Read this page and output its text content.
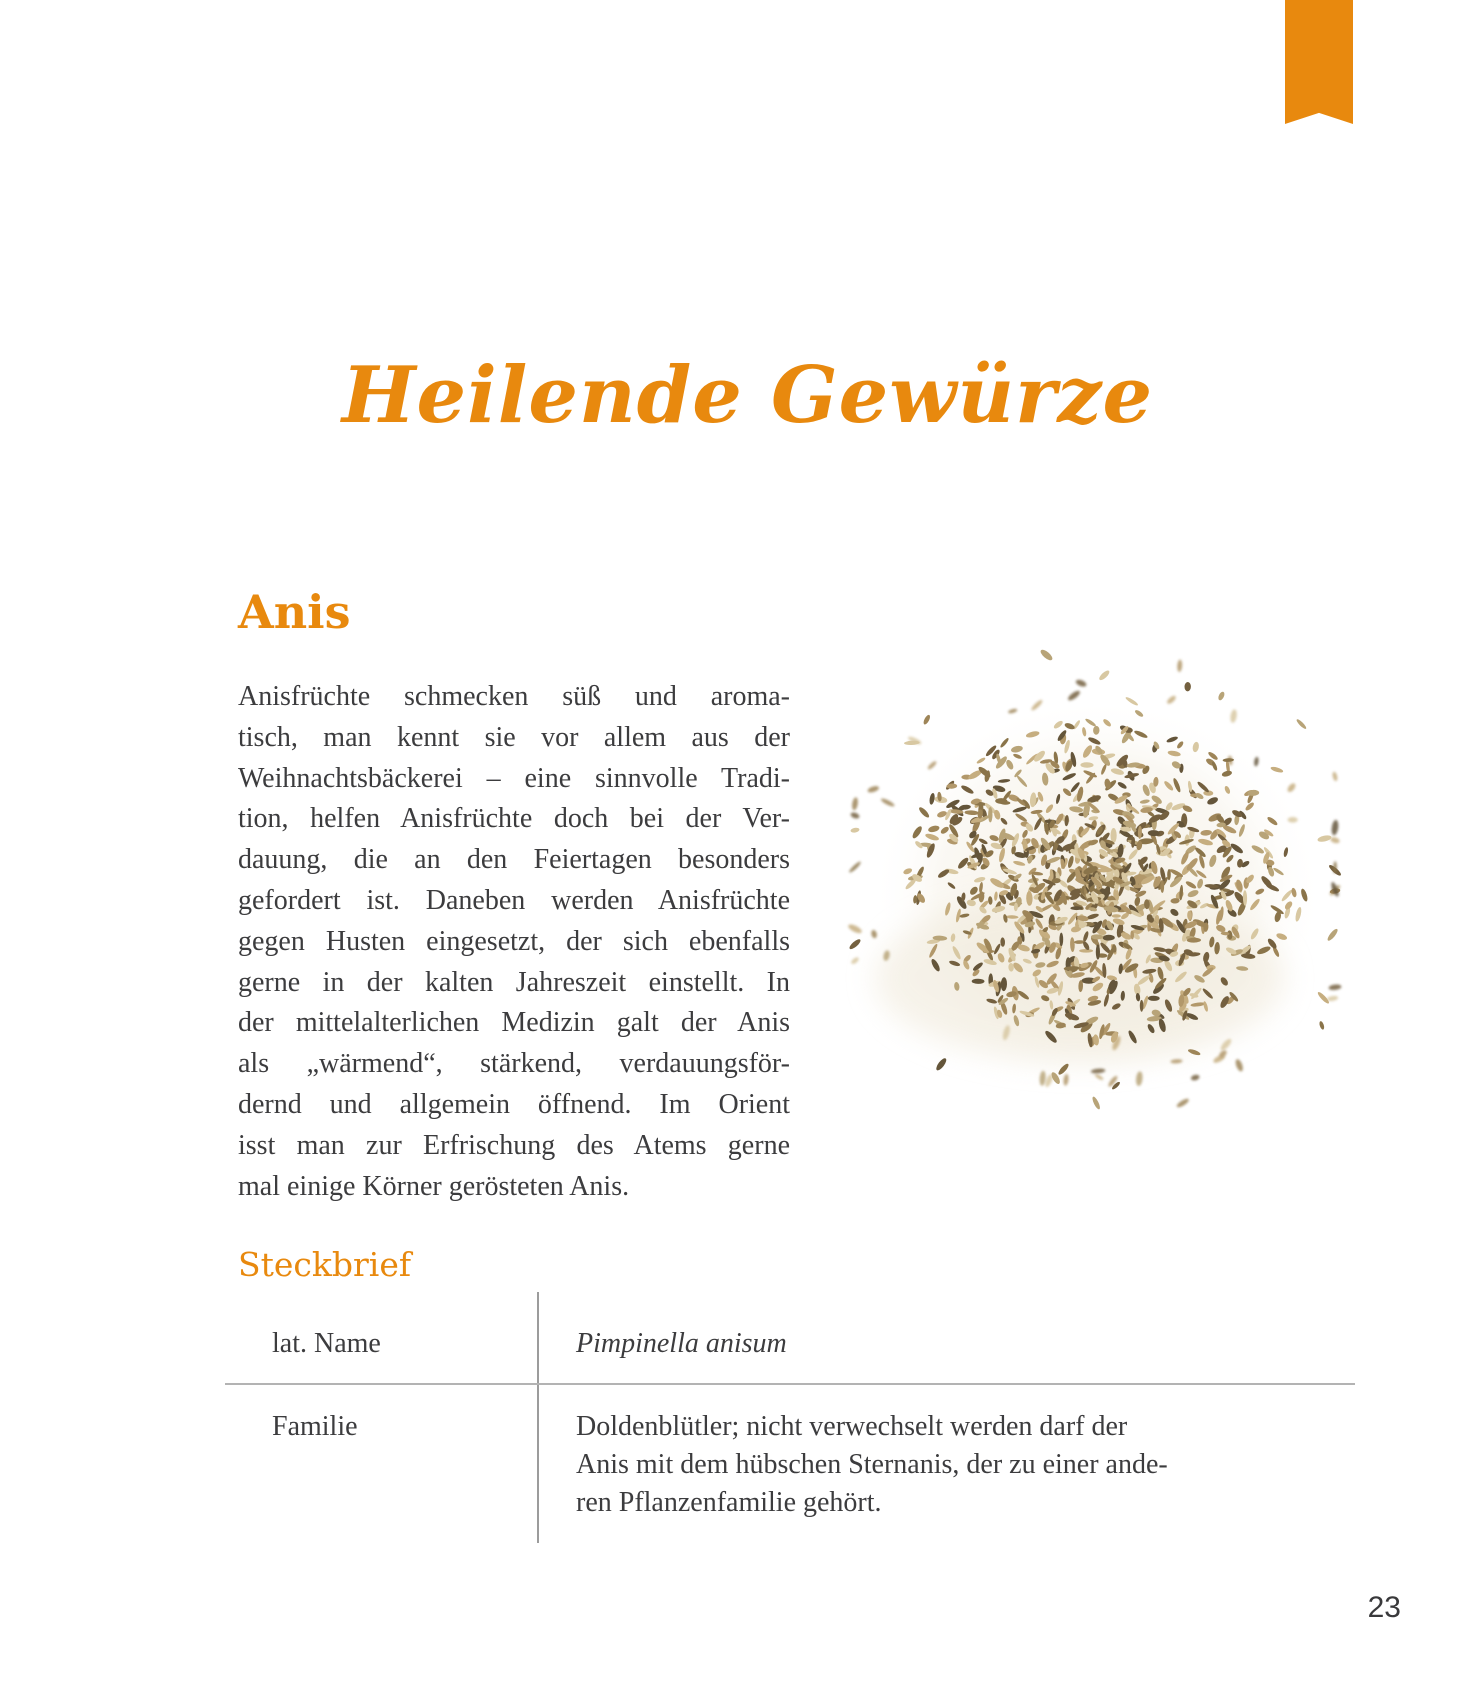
Heilende Gewürze
Anis
Anisfrüchte schmecken süß und aroma-
tisch, man kennt sie vor allem aus der
Weihnachtsbäckerei – eine sinnvolle Tradi-
tion, helfen Anisfrüchte doch bei der Ver-
dauung, die an den Feiertagen besonders
gefordert ist. Daneben werden Anisfrüchte
gegen Husten eingesetzt, der sich ebenfalls
gerne in der kalten Jahreszeit einstellt. In
der mittelalterlichen Medizin galt der Anis
als „wärmend“, stärkend, verdauungsför-
dernd und allgemein öffnend. Im Orient
isst man zur Erfrischung des Atems gerne
mal einige Körner gerösteten Anis.
Steckbrief
lat. Name	Pimpinella anisum
Familie	Doldenblütler; nicht verwechselt werden darf der
Anis mit dem hübschen Sternanis, der zu einer ande-
ren Pflanzenfamilie gehört.
23
